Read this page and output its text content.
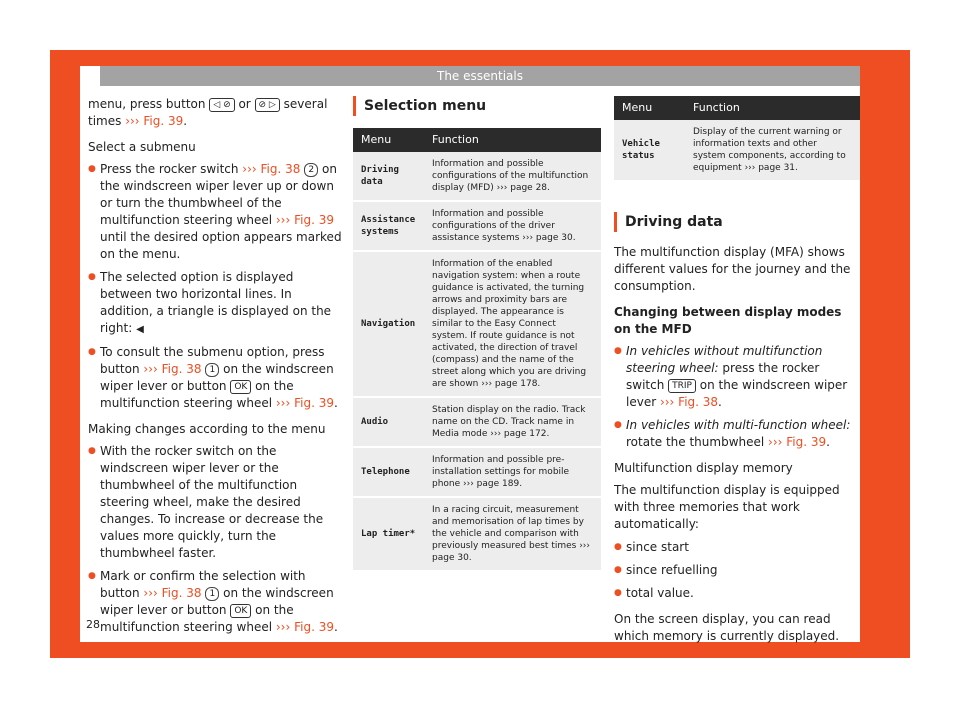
The essentials

menu, press button ◁ ⊘ or ⊘ ▷ several times ››› Fig. 39.

Select a submenu

● Press the rocker switch ››› Fig. 38 2 on the windscreen wiper lever up or down or turn the thumbwheel of the multifunction steering wheel ››› Fig. 39 until the desired option appears marked on the menu.
● The selected option is displayed between two horizontal lines. In addition, a triangle is displayed on the right: ◀
● To consult the submenu option, press button ››› Fig. 38 1 on the windscreen wiper lever or button OK on the multifunction steering wheel ››› Fig. 39.

Making changes according to the menu

● With the rocker switch on the windscreen wiper lever or the thumbwheel of the multifunction steering wheel, make the desired changes. To increase or decrease the values more quickly, turn the thumbwheel faster.
● Mark or confirm the selection with button ››› Fig. 38 1 on the windscreen wiper lever or button OK on the multifunction steering wheel ››› Fig. 39.
Selection menu
Menu	Function
Driving data	Information and possible configurations of the multifunction display (MFD) ››› page 28.
Assistance systems	Information and possible configurations of the driver assistance systems ››› page 30.
Navigation	Information of the enabled navigation system: when a route guidance is activated, the turning arrows and proximity bars are displayed. The appearance is similar to the Easy Connect system. If route guidance is not activated, the direction of travel (compass) and the name of the street along which you are driving are shown ››› page 178.
Audio	Station display on the radio. Track name on the CD. Track name in Media mode ››› page 172.
Telephone	Information and possible pre-installation settings for mobile phone ››› page 189.
Lap timer*	In a racing circuit, measurement and memorisation of lap times by the vehicle and comparison with previously measured best times ››› page 30.
Menu	Function
Vehicle status	Display of the current warning or information texts and other system components, according to equipment ››› page 31.
Driving data

The multifunction display (MFA) shows different values for the journey and the consumption.

Changing between display modes on the MFD

● In vehicles without multifunction steering wheel: press the rocker switch TRIP on the windscreen wiper lever ››› Fig. 38.
● In vehicles with multi-function wheel: rotate the thumbwheel ››› Fig. 39.

Multifunction display memory

The multifunction display is equipped with three memories that work automatically:

● since start
● since refuelling
● total value.

On the screen display, you can read which memory is currently displayed.

28
